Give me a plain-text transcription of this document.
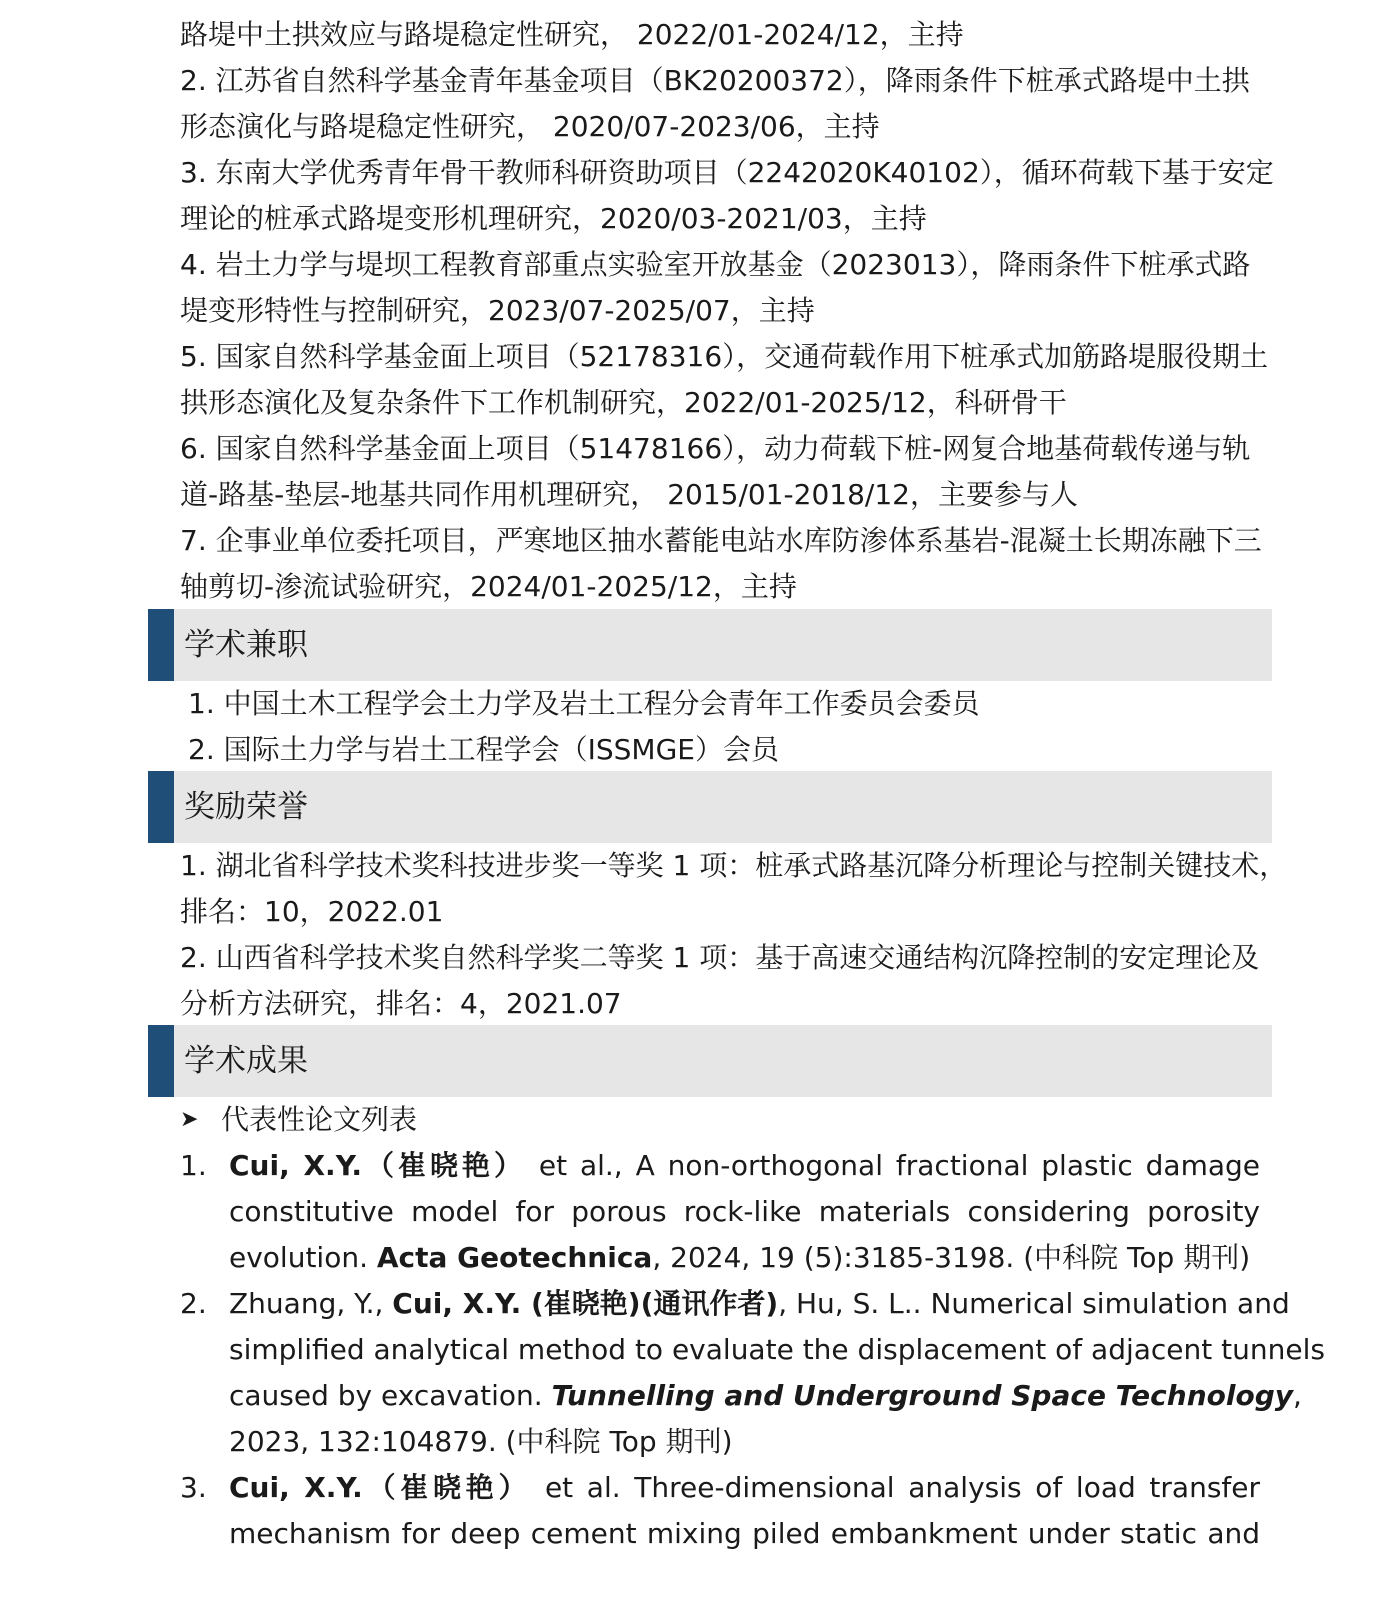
路堤中土拱效应与路堤稳定性研究， 2022/01-2024/12，主持
2. 江苏省自然科学基金青年基金项目（BK20200372），降雨条件下桩承式路堤中土拱
形态演化与路堤稳定性研究， 2020/07-2023/06，主持
3. 东南大学优秀青年骨干教师科研资助项目（2242020K40102），循环荷载下基于安定
理论的桩承式路堤变形机理研究，2020/03-2021/03，主持
4. 岩土力学与堤坝工程教育部重点实验室开放基金（2023013），降雨条件下桩承式路
堤变形特性与控制研究，2023/07-2025/07，主持
5. 国家自然科学基金面上项目（52178316），交通荷载作用下桩承式加筋路堤服役期土
拱形态演化及复杂条件下工作机制研究，2022/01-2025/12，科研骨干
6. 国家自然科学基金面上项目（51478166），动力荷载下桩-网复合地基荷载传递与轨
道-路基-垫层-地基共同作用机理研究， 2015/01-2018/12，主要参与人
7. 企事业单位委托项目，严寒地区抽水蓄能电站水库防渗体系基岩-混凝土长期冻融下三
轴剪切-渗流试验研究，2024/01-2025/12，主持
学术兼职
1. 中国土木工程学会土力学及岩土工程分会青年工作委员会委员
2. 国际土力学与岩土工程学会（ISSMGE）会员
奖励荣誉
1. 湖北省科学技术奖科技进步奖一等奖 1 项：桩承式路基沉降分析理论与控制关键技术，
排名：10，2022.01
2. 山西省科学技术奖自然科学奖二等奖 1 项：基于高速交通结构沉降控制的安定理论及
分析方法研究，排名：4，2021.07
学术成果
➤ 代表性论文列表
1. Cui, X.Y.（崔晓艳） et al., A non-orthogonal fractional plastic damage
constitutive model for porous rock-like materials considering porosity
evolution. Acta Geotechnica, 2024, 19 (5):3185-3198. (中科院 Top 期刊)
2. Zhuang, Y., Cui, X.Y. (崔晓艳)(通讯作者), Hu, S. L.. Numerical simulation and
simplified analytical method to evaluate the displacement of adjacent tunnels
caused by excavation. Tunnelling and Underground Space Technology,
2023, 132:104879. (中科院 Top 期刊)
3. Cui, X.Y.（崔晓艳） et al. Three-dimensional analysis of load transfer
mechanism for deep cement mixing piled embankment under static and
